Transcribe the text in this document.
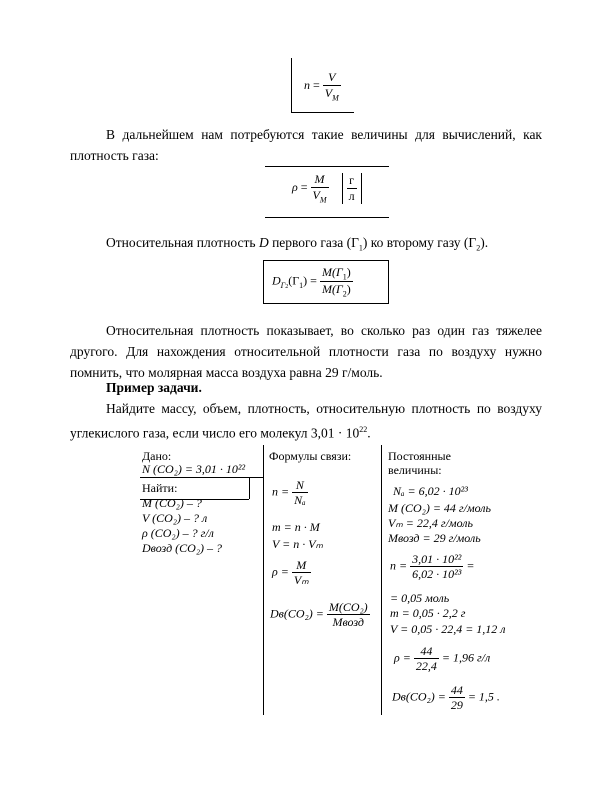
$n = \frac{V}{V_M}$
В дальнейшем нам потребуются такие величины для вычислений, как плотность газа:
$\rho = \frac{M}{V_M}$
$\frac{г}{л}$
Относительная плотность D первого газа $(Г_1)$ ко второму газу $(Г_2)$.
$D_{Г2}(Г_1) = \frac{M(Г_1)}{M(Г_2)}$
Относительная плотность показывает, во сколько раз один газ тяжелее другого. Для нахождения относительной плотности газа по воздуху нужно помнить, что молярная масса воздуха равна 29 г/моль.
Пример задачи.
Найдите массу, объем, плотность, относительную плотность по воздуху углекислого газа, если число его молекул $3,01 \cdot 10^{22}$.
Дано:
N (CO₂) = 3,01 · 10²²
Найти:
M (CO₂) – ?
V (CO₂) – ? л
ρ (CO₂) – ? г/л
Dвозд (CO₂) – ?
Формулы связи:
$n = \frac{N}{\text{Nₐ}}$
m = n · M
V = n · Vₘ
$\rho = \frac{M}{\text{Vₘ}}$
$Dв(CO_2) = \frac{\text{M(CO₂)}}{\text{Mвозд}}$
Постоянные величины:
Nₐ = 6,02 · 10²³
M (CO₂) = 44 г/моль
Vₘ = 22,4 г/моль
Mвозд = 29 г/моль
$n = \frac{\text{3,01 · 10²²}}{\text{6,02 · 10²³}}$ =
= 0,05 моль
m = 0,05 · 2,2 г
V = 0,05 · 22,4 = 1,12 л
$\rho = \frac{44}{22,4} = 1,96$ г/л
$Dв(CO_2) = \frac{44}{29} = 1,5$ .
